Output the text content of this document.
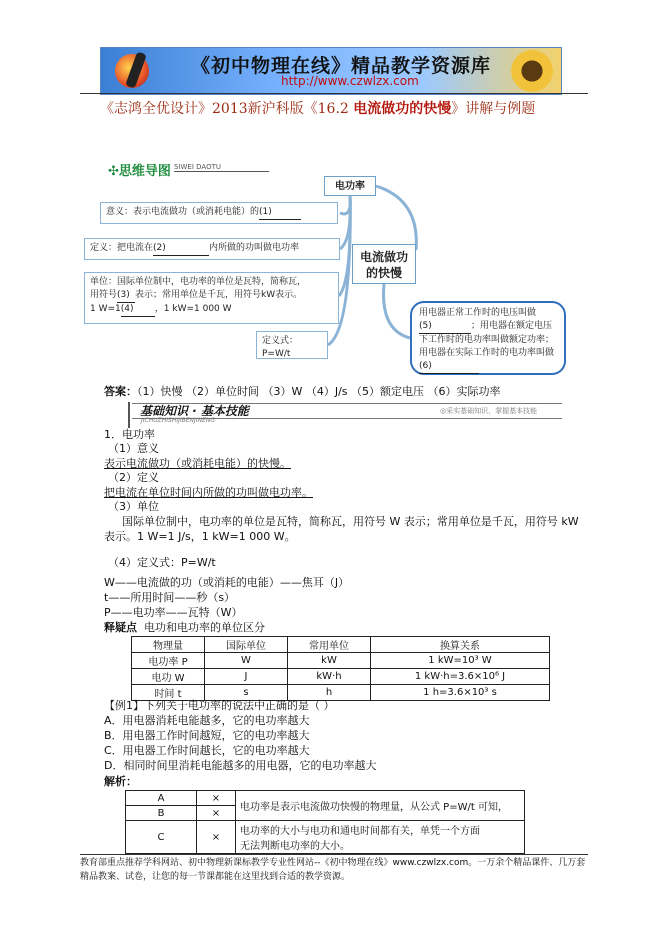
《初中物理在线》精品教学资源库
http://www.czwlzx.com
《志鸿全优设计》2013新沪科版《16.2 电流做功的快慢》讲解与例题
✣思维导图 SIWEI DAOTU
电功率
电流做功的快慢
意义：表示电流做功（或消耗电能）的(1)
定义：把电流在(2)	内所做的功叫做电功率
单位：国际单位制中，电功率的单位是瓦特，简称瓦，
用符号(3) 表示；常用单位是千瓦，用符号kW表示。
1 W=1(4) ，1 kW=1 000 W
定义式：P=W/t
用电器正常工作时的电压叫做(5)	；用电器在额定电压下工作时的电功率叫做额定功率；用电器在实际工作时的电功率叫做(6)
答案：（1）快慢 （2）单位时间 （3）W （4）J/s （5）额定电压 （6）实际功率
基础知识 · 基本技能
JICHUZHISHIJIBENJINENG
◎采实基础知识，掌握基本技能
1．电功率
（1）意义
表示电流做功（或消耗电能）的快慢。
（2）定义
把电流在单位时间内所做的功叫做电功率。
（3）单位
国际单位制中，电功率的单位是瓦特，简称瓦，用符号 W 表示；常用单位是千瓦，用符号 kW
表示。1 W=1 J/s，1 kW=1 000 W。
（4）定义式：P=W/t
W——电流做的功（或消耗的电能）——焦耳（J）
t——所用时间——秒（s）
P——电功率——瓦特（W）
释疑点 电功和电功率的单位区分
物理量	国际单位	常用单位	换算关系
电功率 P	W	kW	1 kW=10³ W
电功 W	J	kW·h	1 kW·h=3.6×10⁶ J
时间 t	s	h	1 h=3.6×10³ s
【例1】下列关于电功率的说法中正确的是（ ）
A．用电器消耗电能越多，它的电功率越大
B．用电器工作时间越短，它的电功率越大
C．用电器工作时间越长，它的电功率越大
D．相同时间里消耗电能越多的用电器，它的电功率越大
解析：
A	×	电功率是表示电流做功快慢的物理量，从公式 P=W/t 可知，
B	×	
C	×	电功率的大小与电功和通电时间都有关，单凭一个方面
无法判断电功率的大小。
教育部重点推荐学科网站、初中物理新课标教学专业性网站--《初中物理在线》www.czwlzx.com。一万余个精品课件、几万套精品教案、试卷，让您的每一节课都能在这里找到合适的教学资源。
